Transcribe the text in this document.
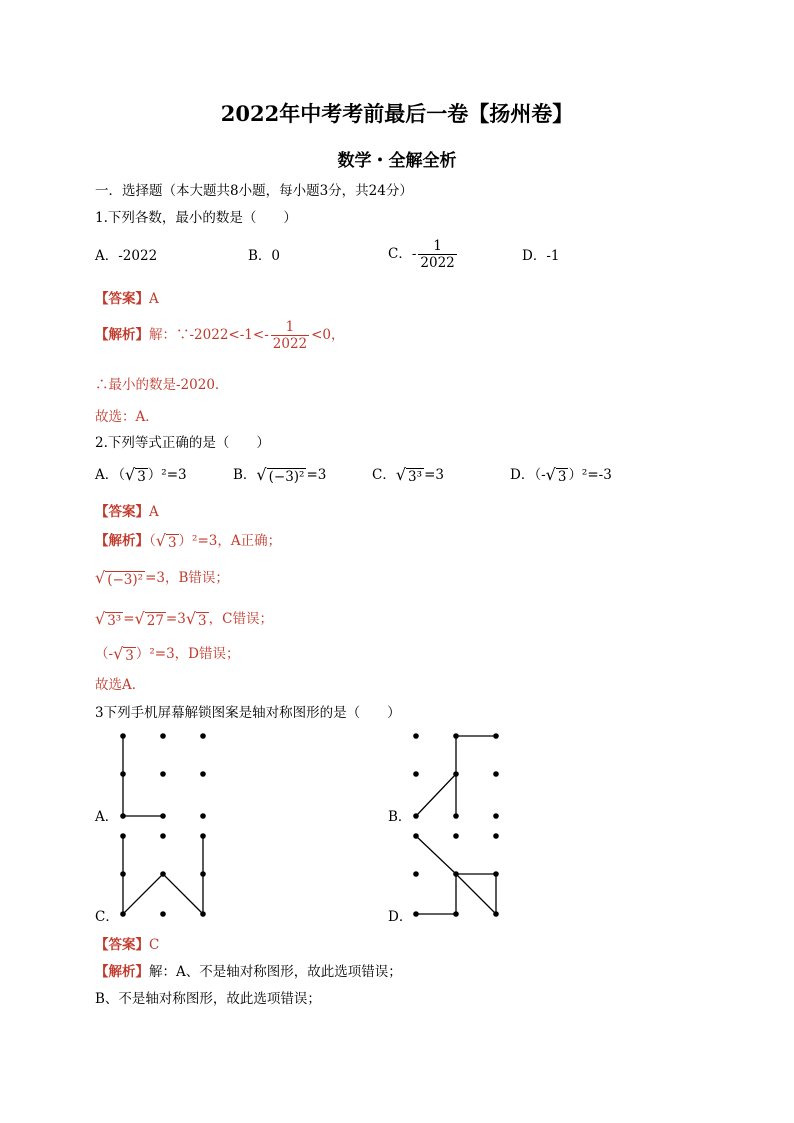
2022年中考考前最后一卷【扬州卷】
数学・全解全析
一．选择题（本大题共8小题，每小题3分，共24分）
1.下列各数，最小的数是（　　）
A．-2022	B．0	C．- $\frac{1}{2022}$	D．-1
【答案】A
【解析】解：∵-2022<-1<- $\frac{1}{2022} <0$，
∴最小的数是-2020．
故选：A．
2.下列等式正确的是（　　）
A．（ √ 3 ）²=3	B． √ (−3)² =3	C． √ 3³ =3	D．（- √ 3 ）²=-3
【答案】A
【解析】（ √ 3 ）²=3，A正确；
√ (−3)² =3，B错误；
√ 3³ = √ 27 =3 √ 3 ，C错误；
（- √ 3 ）²=3，D错误；
故选A．
3下列手机屏幕解锁图案是轴对称图形的是（　　）
A．	B．
C．	D．
【答案】C
【解析】解：A、不是轴对称图形，故此选项错误；
B、不是轴对称图形，故此选项错误；
